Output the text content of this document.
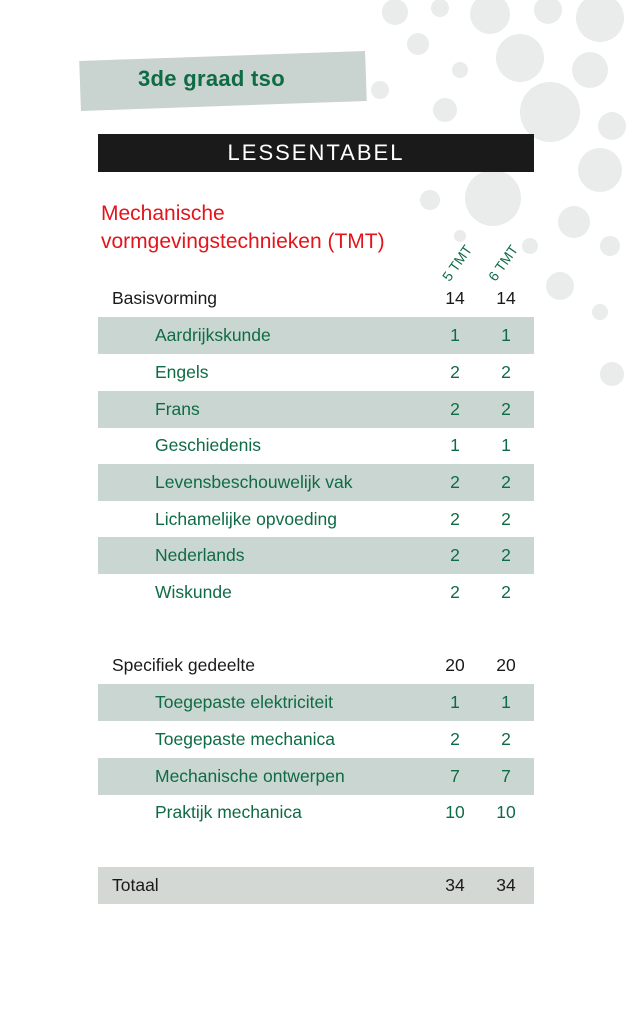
3de graad tso
LESSENTABEL
Mechanische
vormgevingstechnieken (TMT)
5 TMT 6 TMT
Basisvorming	14	14
Aardrijkskunde	1	1
Engels	2	2
Frans	2	2
Geschiedenis	1	1
Levensbeschouwelijk vak	2	2
Lichamelijke opvoeding	2	2
Nederlands	2	2
Wiskunde	2	2
Specifiek gedeelte	20	20
Toegepaste elektriciteit	1	1
Toegepaste mechanica	2	2
Mechanische ontwerpen	7	7
Praktijk mechanica	10	10
Totaal	34	34
